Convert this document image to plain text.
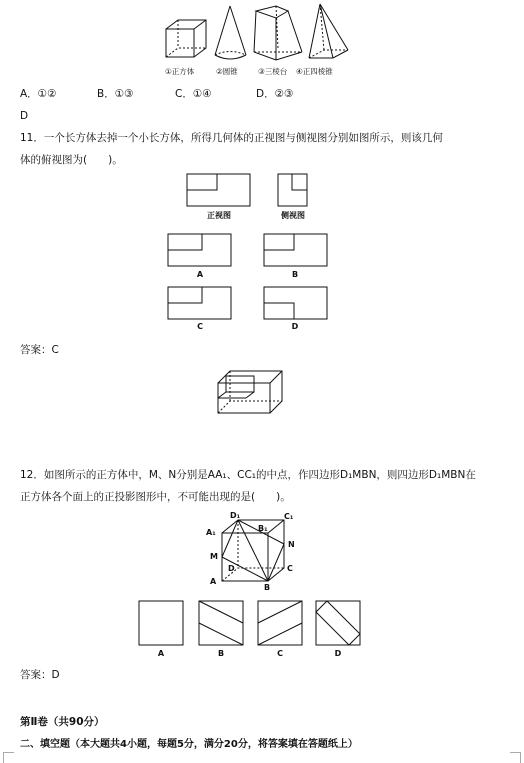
①正方体	②圆锥	③三棱台 ④正四棱锥
A．①②	B．①③	C．①④	D．②③
D
11．一个长方体去掉一个小长方体，所得几何体的正视图与侧视图分别如图所示，则该几何
体的俯视图为(　　)。
正视图	侧视图
A	B
C	D
答案：C
12．如图所示的正方体中，M、N分别是AA₁、CC₁的中点，作四边形D₁MBN，则四边形D₁MBN在
正方体各个面上的正投影图形中，不可能出现的是(　　)。
D₁	C₁
B₁
A₁
M
N
D	C
A
B
A	B	C	D
答案：D
第Ⅱ卷（共90分）
二、填空题（本大题共4小题，每题5分，满分20分，将答案填在答题纸上）
